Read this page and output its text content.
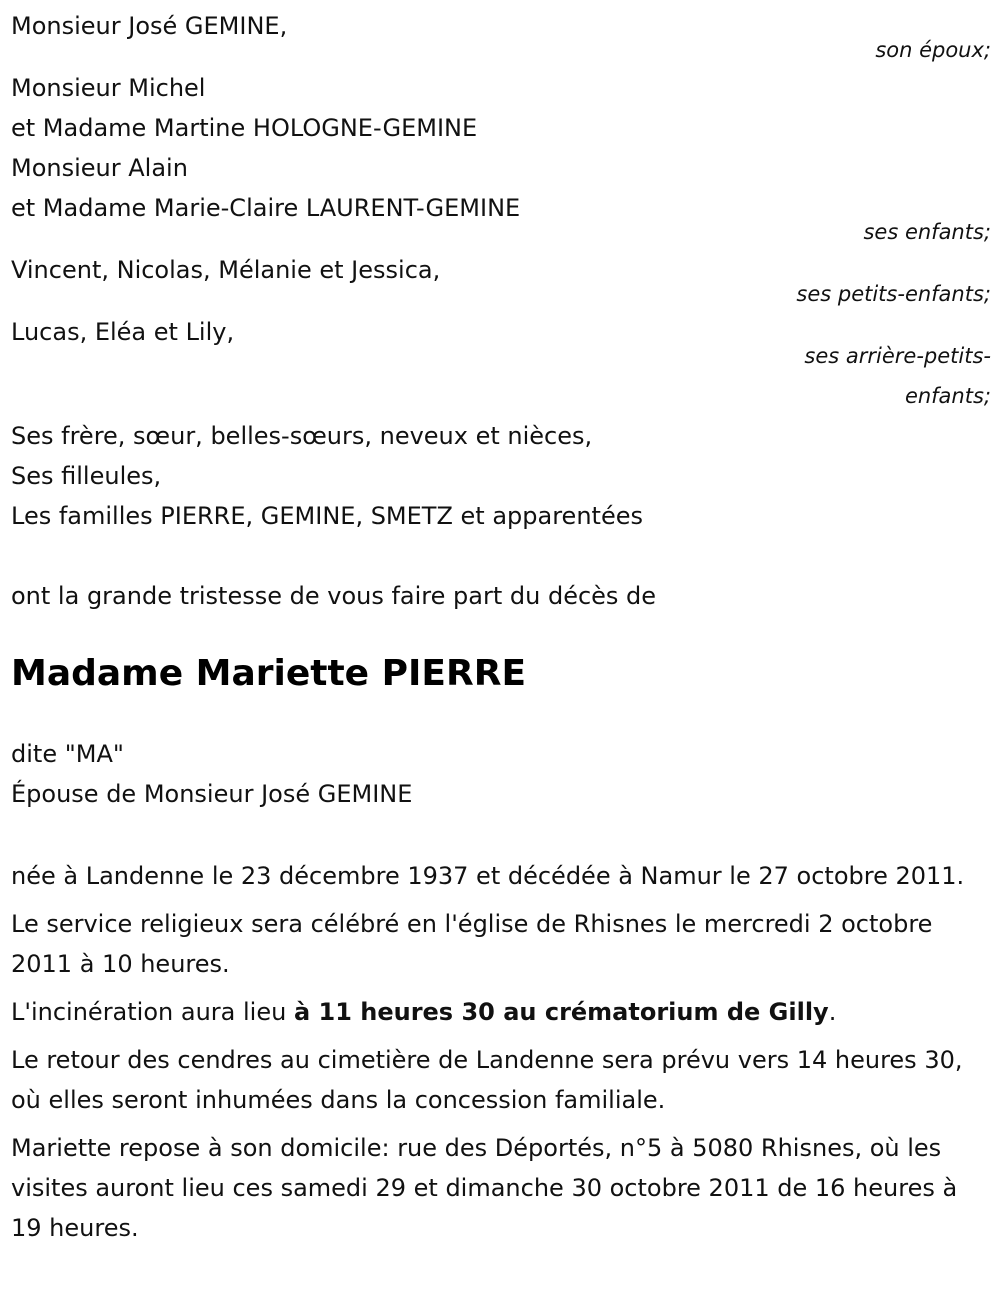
Monsieur José GEMINE,
son époux;
Monsieur Michel
et Madame Martine HOLOGNE-GEMINE
Monsieur Alain
et Madame Marie-Claire LAURENT-GEMINE
ses enfants;
Vincent, Nicolas, Mélanie et Jessica,
ses petits-enfants;
Lucas, Eléa et Lily,
ses arrière-petits-
enfants;
Ses frère, sœur, belles-sœurs, neveux et nièces,
Ses filleules,
Les familles PIERRE, GEMINE, SMETZ et apparentées
ont la grande tristesse de vous faire part du décès de
Madame Mariette PIERRE
dite "MA"
Épouse de Monsieur José GEMINE

née à Landenne le 23 décembre 1937 et décédée à Namur le 27 octobre 2011.

Le service religieux sera célébré en l'église de Rhisnes le mercredi 2 octobre 2011 à 10 heures.

L'incinération aura lieu à 11 heures 30 au crématorium de Gilly.

Le retour des cendres au cimetière de Landenne sera prévu vers 14 heures 30, où elles seront inhumées dans la concession familiale.

Mariette repose à son domicile: rue des Déportés, n°5 à 5080 Rhisnes, où les visites auront lieu ces samedi 29 et dimanche 30 octobre 2011 de 16 heures à 19 heures.
